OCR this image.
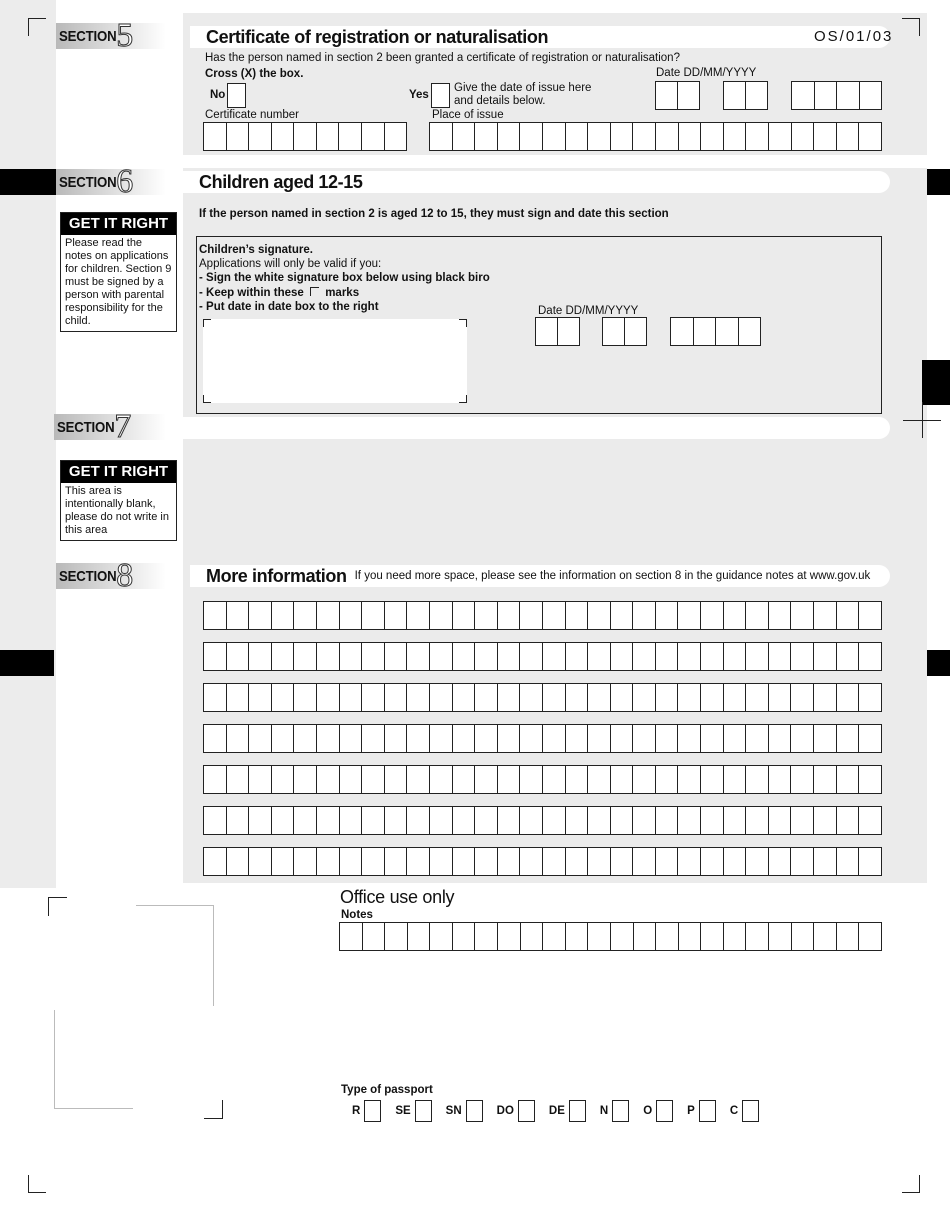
SECTION 5	Certificate of registration or naturalisation	OS/01/03
Has the person named in section 2 been granted a certificate of registration or naturalisation?
Cross (X) the box.	Date DD/MM/YYYY
No	Yes
Give the date of issue here and details below.
Certificate number	Place of issue
SECTION 6	Children aged 12-15
If the person named in section 2 is aged 12 to 15, they must sign and date this section
GET IT RIGHT
Please read the notes on applications for children. Section 9 must be signed by a person with parental responsibility for the child.
Children’s signature.
Applications will only be valid if you:
- Sign the white signature box below using black biro
- Keep within these marks
- Put date in date box to the right	Date DD/MM/YYYY
SECTION 7
GET IT RIGHT
This area is intentionally blank, please do not write in this area
SECTION 8	More information If you need more space, please see the information on section 8 in the guidance notes at www.gov.uk
Office use only
Notes
Type of passport
R	SE	SN	DO	DE	N	O	P	C
